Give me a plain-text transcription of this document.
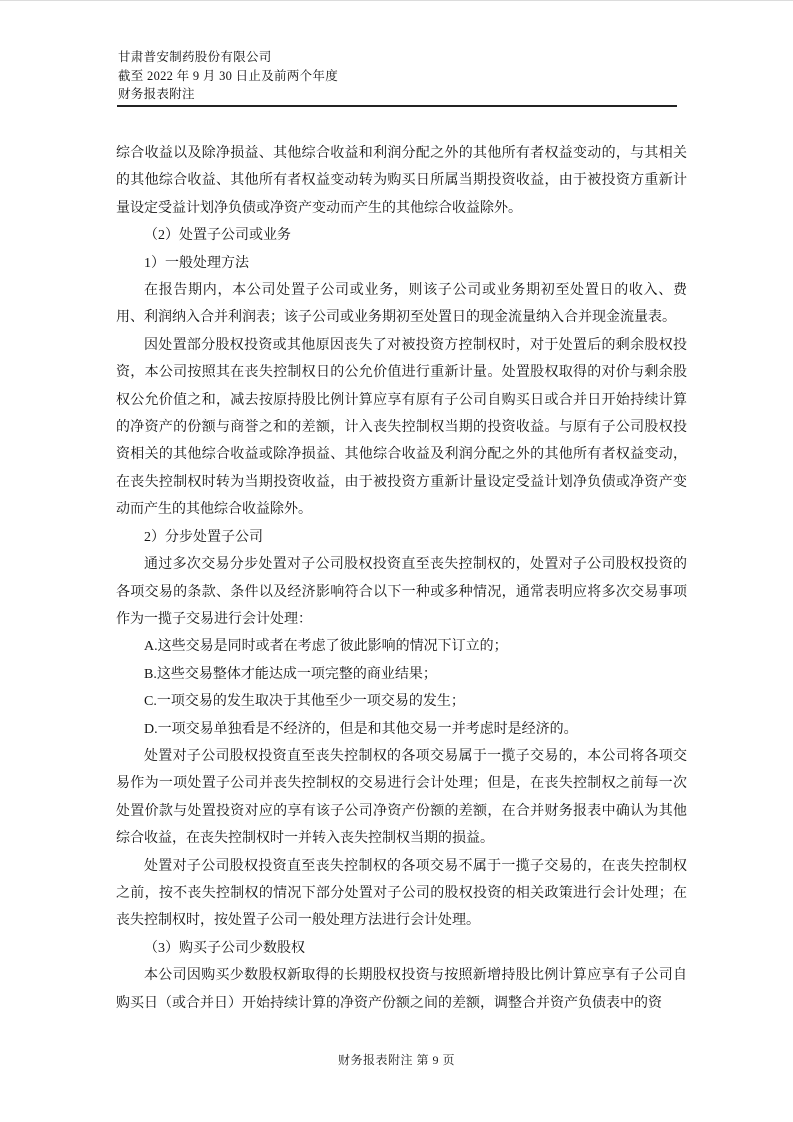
甘肃普安制药股份有限公司
截至 2022 年 9 月 30 日止及前两个年度
财务报表附注

综合收益以及除净损益、其他综合收益和利润分配之外的其他所有者权益变动的，与其相关的其他综合收益、其他所有者权益变动转为购买日所属当期投资收益，由于被投资方重新计量设定受益计划净负债或净资产变动而产生的其他综合收益除外。

（2）处置子公司或业务

1）一般处理方法

在报告期内，本公司处置子公司或业务，则该子公司或业务期初至处置日的收入、费用、利润纳入合并利润表；该子公司或业务期初至处置日的现金流量纳入合并现金流量表。

因处置部分股权投资或其他原因丧失了对被投资方控制权时，对于处置后的剩余股权投资，本公司按照其在丧失控制权日的公允价值进行重新计量。处置股权取得的对价与剩余股权公允价值之和，减去按原持股比例计算应享有原有子公司自购买日或合并日开始持续计算的净资产的份额与商誉之和的差额，计入丧失控制权当期的投资收益。与原有子公司股权投资相关的其他综合收益或除净损益、其他综合收益及利润分配之外的其他所有者权益变动，在丧失控制权时转为当期投资收益，由于被投资方重新计量设定受益计划净负债或净资产变动而产生的其他综合收益除外。

2）分步处置子公司

通过多次交易分步处置对子公司股权投资直至丧失控制权的，处置对子公司股权投资的各项交易的条款、条件以及经济影响符合以下一种或多种情况，通常表明应将多次交易事项作为一揽子交易进行会计处理：

A.这些交易是同时或者在考虑了彼此影响的情况下订立的；

B.这些交易整体才能达成一项完整的商业结果；

C.一项交易的发生取决于其他至少一项交易的发生；

D.一项交易单独看是不经济的，但是和其他交易一并考虑时是经济的。

处置对子公司股权投资直至丧失控制权的各项交易属于一揽子交易的，本公司将各项交易作为一项处置子公司并丧失控制权的交易进行会计处理；但是，在丧失控制权之前每一次处置价款与处置投资对应的享有该子公司净资产份额的差额，在合并财务报表中确认为其他综合收益，在丧失控制权时一并转入丧失控制权当期的损益。

处置对子公司股权投资直至丧失控制权的各项交易不属于一揽子交易的，在丧失控制权之前，按不丧失控制权的情况下部分处置对子公司的股权投资的相关政策进行会计处理；在丧失控制权时，按处置子公司一般处理方法进行会计处理。

（3）购买子公司少数股权

本公司因购买少数股权新取得的长期股权投资与按照新增持股比例计算应享有子公司自购买日（或合并日）开始持续计算的净资产份额之间的差额，调整合并资产负债表中的资

财务报表附注 第 9 页
